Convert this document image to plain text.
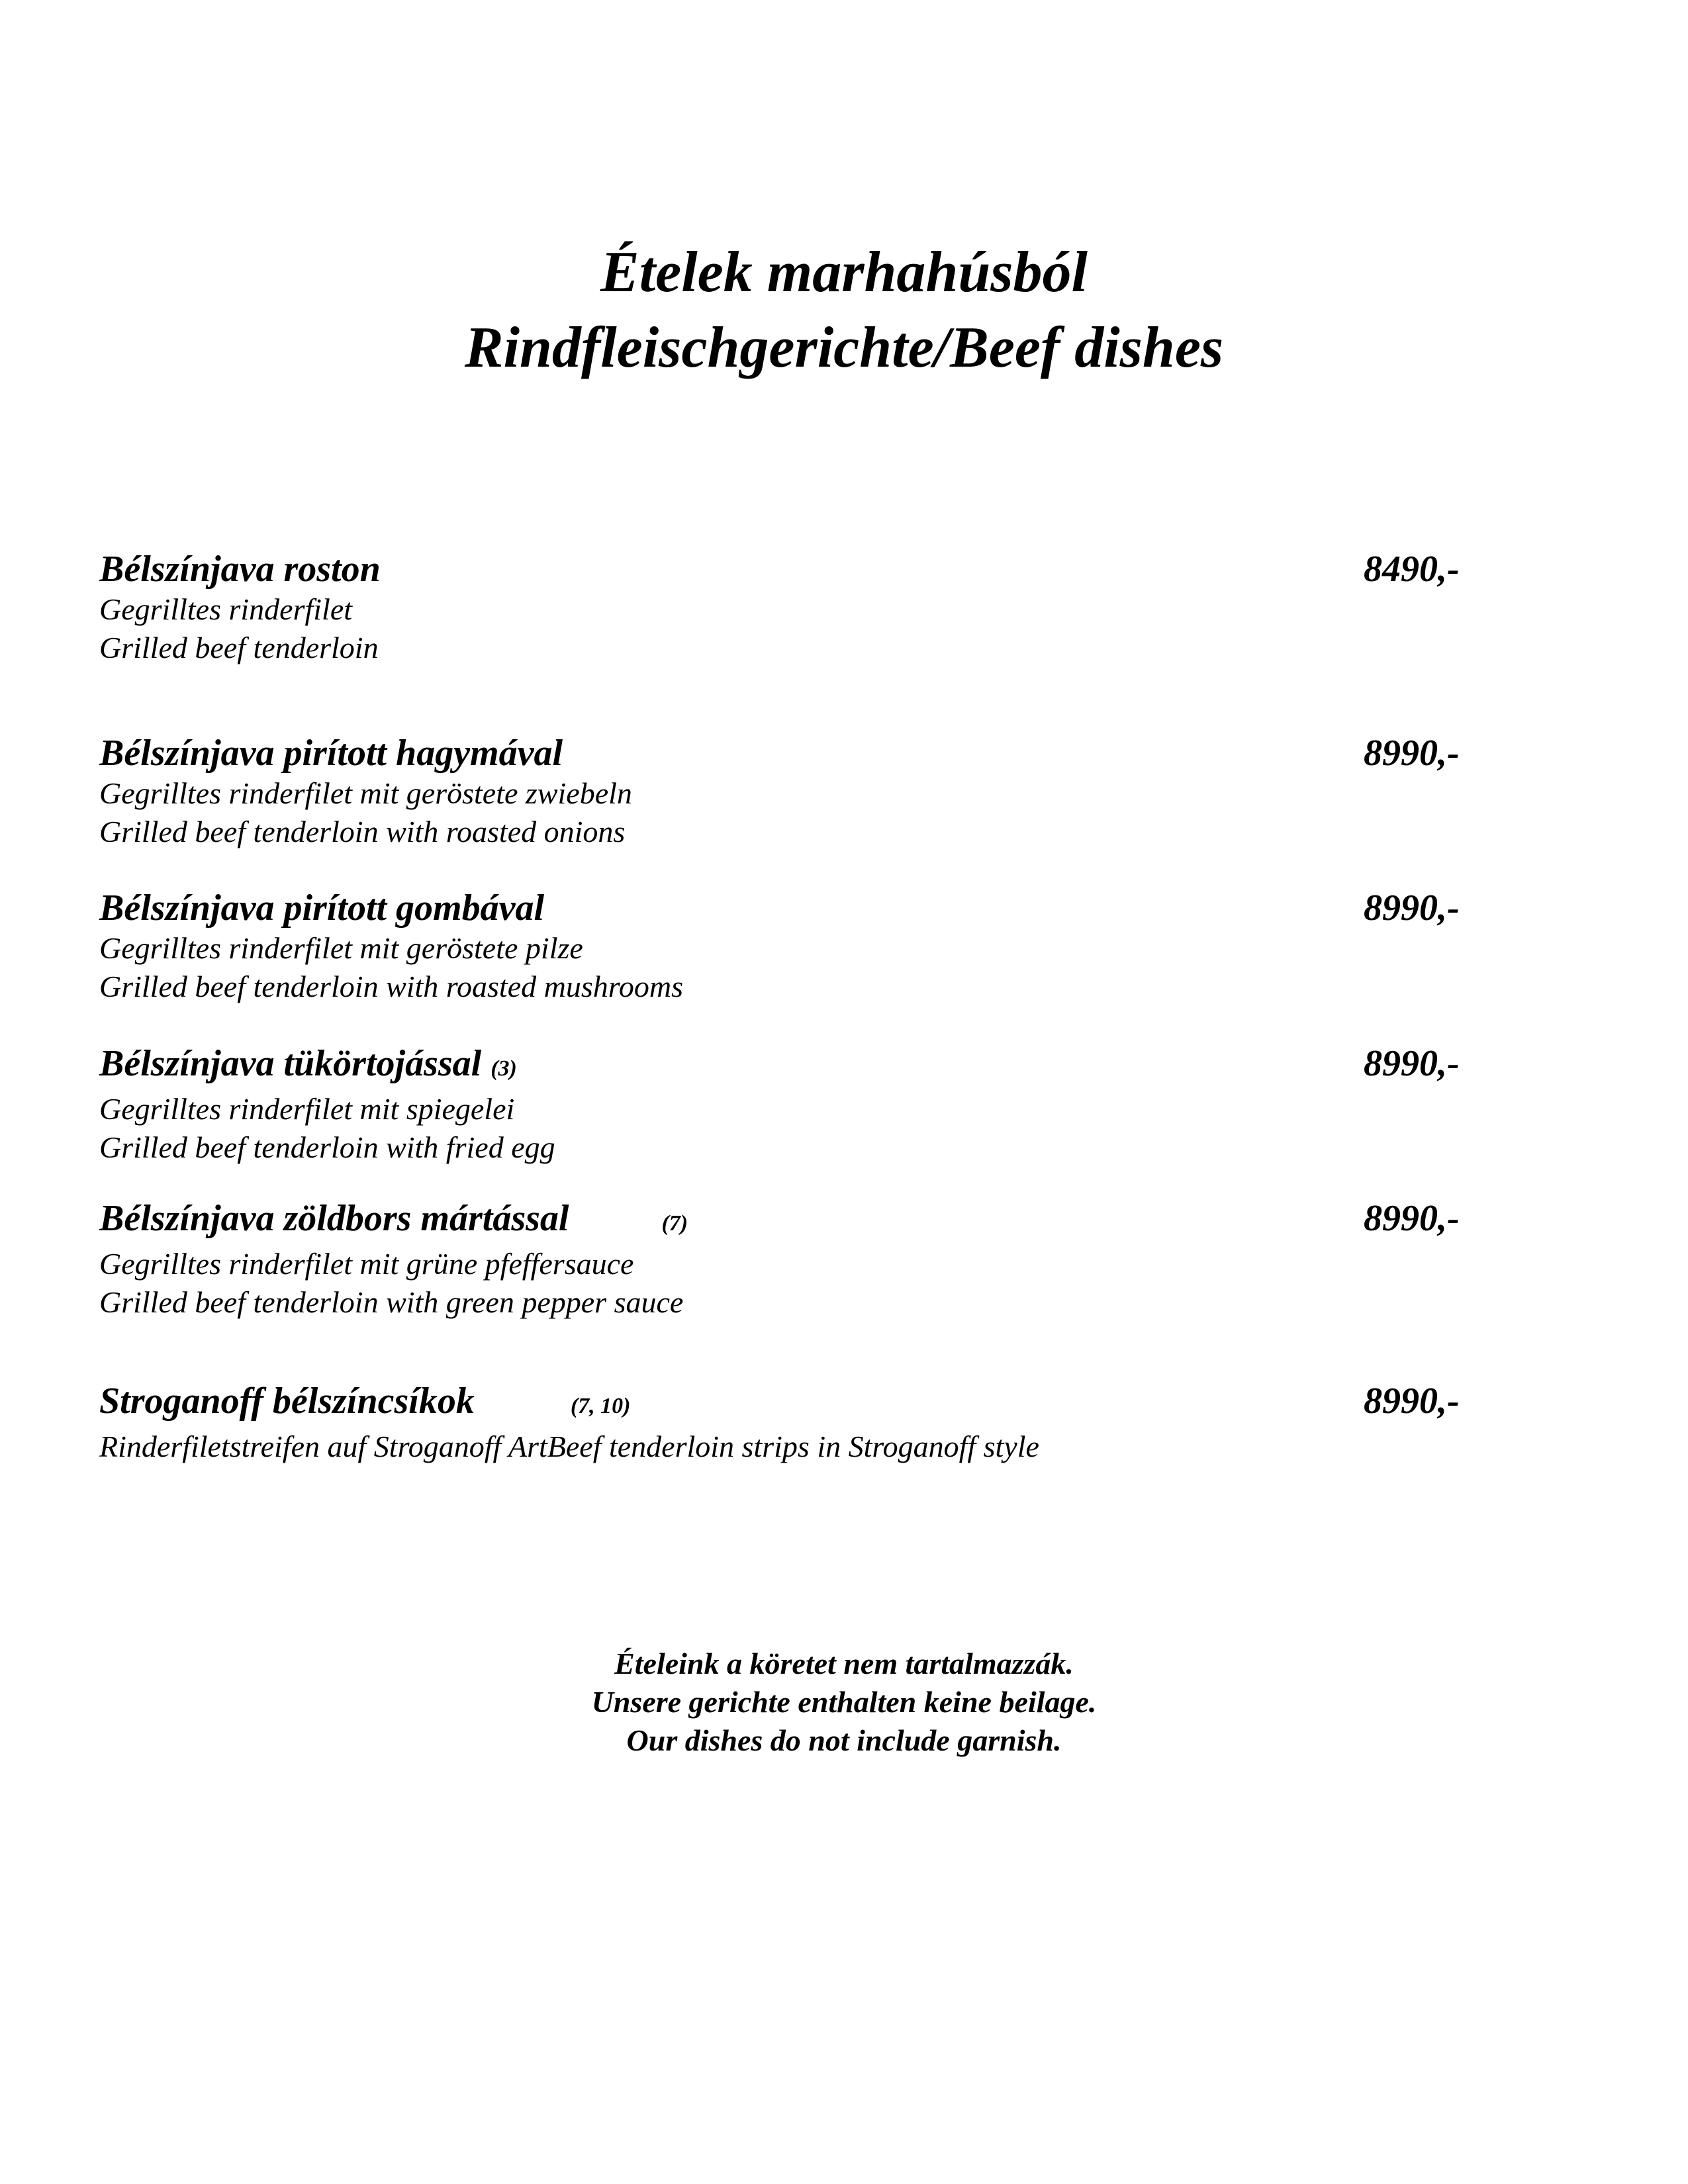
Ételek marhahúsból
Rindfleischgerichte/Beef dishes
Bélszínjava roston	8490,-
Gegrilltes rinderfilet
Grilled beef tenderloin
Bélszínjava pirított hagymával	8990,-
Gegrilltes rinderfilet mit geröstete zwiebeln
Grilled beef tenderloin with roasted onions
Bélszínjava pirított gombával	8990,-
Gegrilltes rinderfilet mit geröstete pilze
Grilled beef tenderloin with roasted mushrooms
Bélszínjava tükörtojással (3)	8990,-
Gegrilltes rinderfilet mit spiegelei
Grilled beef tenderloin with fried egg
Bélszínjava zöldbors mártással	(7)	8990,-
Gegrilltes rinderfilet mit grüne pfeffersauce
Grilled beef tenderloin with green pepper sauce
Stroganoff bélszíncsíkok	(7, 10)	8990,-
Rinderfiletstreifen auf Stroganoff ArtBeef tenderloin strips in Stroganoff style
Ételeink a köretet nem tartalmazzák.
Unsere gerichte enthalten keine beilage.
Our dishes do not include garnish.
